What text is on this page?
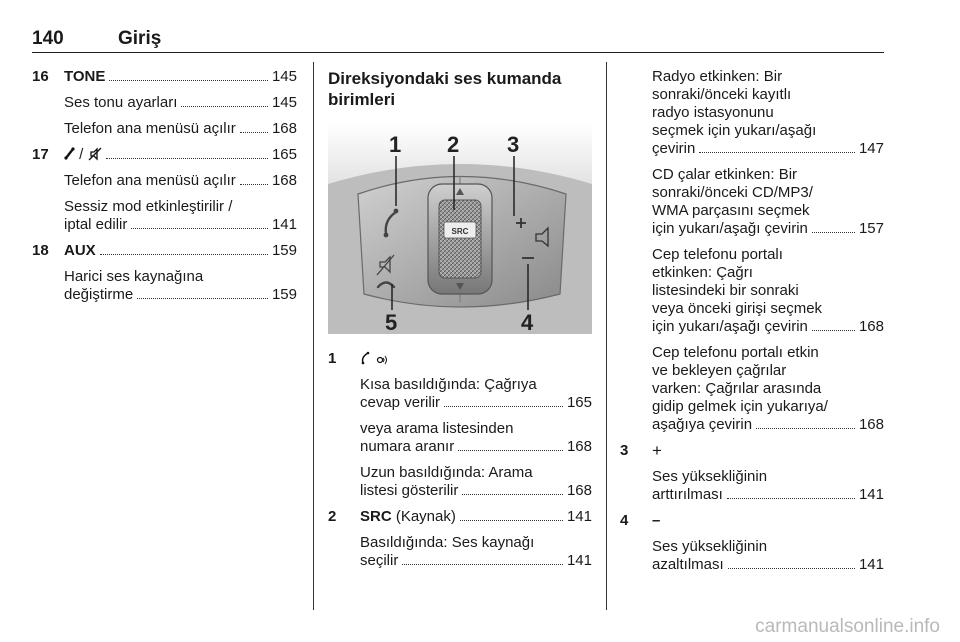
140	Giriş
16 TONE	145
Ses tonu ayarları	145
Telefon ana menüsü açılır 168
17	/	165
Telefon ana menüsü açılır 168
Sessiz mod etkinleştirilir /
iptal edilir	141
18 AUX	159
Harici ses kaynağına
değiştirme	159
Direksiyondaki ses kumanda
birimleri
SRC
1 2 3
4
5
1

Kısa basıldığında: Çağrıya
cevap verilir	165
veya arama listesinden
numara aranır	168
Uzun basıldığında: Arama
listesi gösterilir	168
2 SRC (Kaynak)	141
Basıldığında: Ses kaynağı
seçilir	141
Radyo etkinken: Bir
sonraki/önceki kayıtlı
radyo istasyonunu
seçmek için yukarı/aşağı
çevirin	147
CD çalar etkinken: Bir
sonraki/önceki CD/MP3/
WMA parçasını seçmek
için yukarı/aşağı çevirin	157
Cep telefonu portalı
etkinken: Çağrı
listesindeki bir sonraki
veya önceki girişi seçmek
için yukarı/aşağı çevirin	168
Cep telefonu portalı etkin
ve bekleyen çağrılar
varken: Çağrılar arasında
gidip gelmek için yukarıya/
aşağıya çevirin	168
3 +
Ses yüksekliğinin
arttırılması	141
4 –
Ses yüksekliğinin
azaltılması	141
carmanualsonline.info
